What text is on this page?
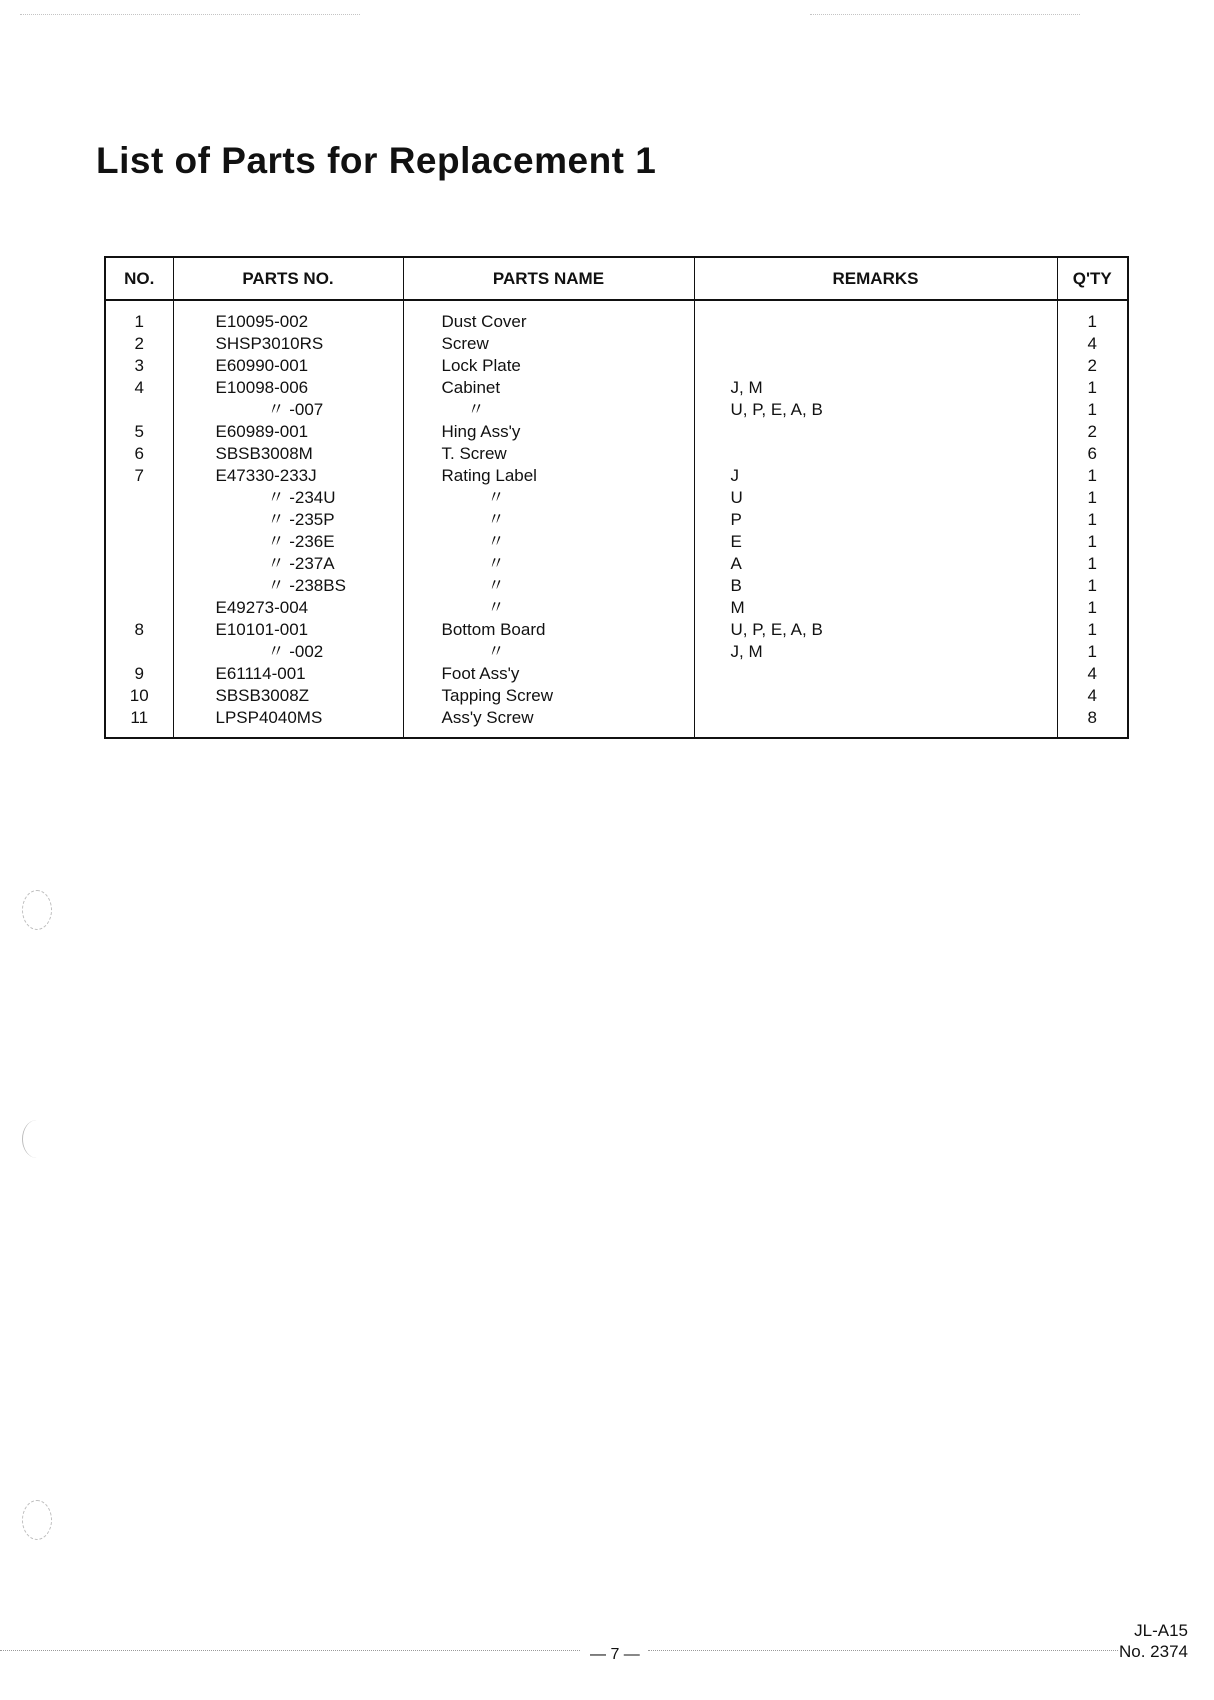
List of Parts for Replacement 1
NO.	PARTS NO.	PARTS NAME	REMARKS	Q'TY
1	E10095-002	Dust Cover		1
2	SHSP3010RS	Screw		4
3	E60990-001	Lock Plate		2
4	E10098-006	Cabinet	J, M	1
	〃 -007	〃	U, P, E, A, B	1
5	E60989-001	Hing Ass'y		2
6	SBSB3008M	T. Screw		6
7	E47330-233J	Rating Label	J	1
	〃 -234U	〃	U	1
	〃 -235P	〃	P	1
	〃 -236E	〃	E	1
	〃 -237A	〃	A	1
	〃 -238BS	〃	B	1
	E49273-004	〃	M	1
8	E10101-001	Bottom Board	U, P, E, A, B	1
	〃 -002	〃	J, M	1
9	E61114-001	Foot Ass'y		4
10	SBSB3008Z	Tapping Screw		4
11	LPSP4040MS	Ass'y Screw		8
— 7 —
JL-A15
No. 2374
